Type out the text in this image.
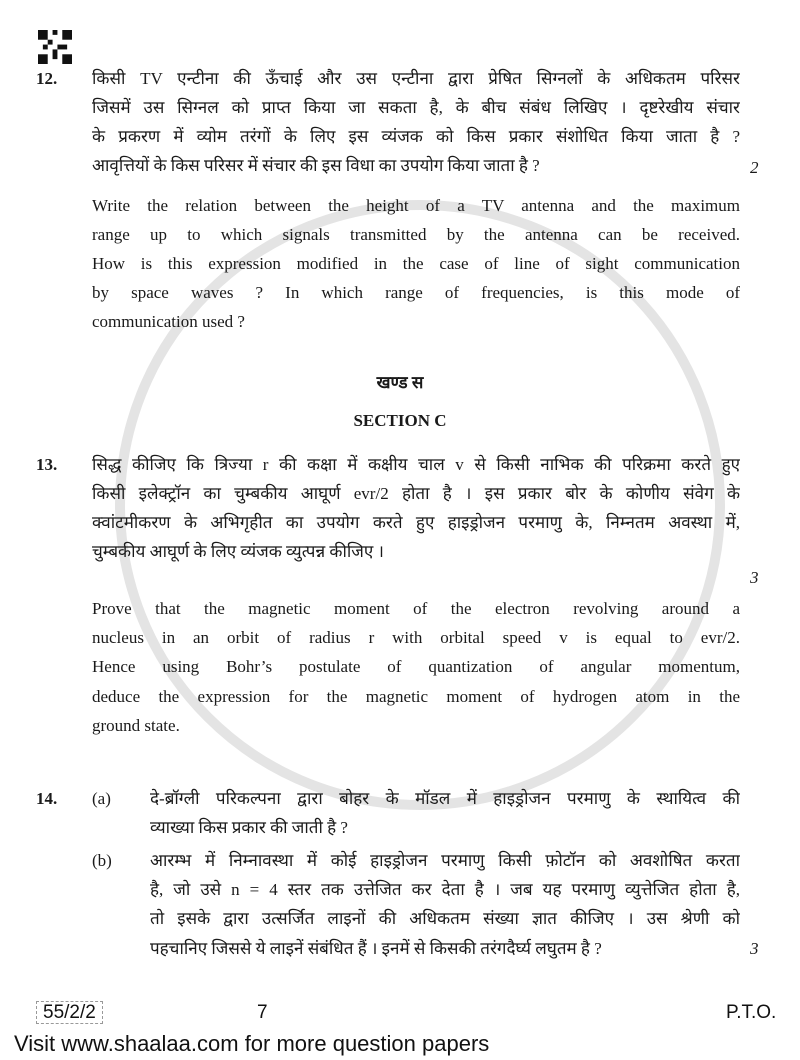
12. किसी TV एन्टीना की ऊँचाई और उस एन्टीना द्वारा प्रेषित सिग्नलों के अधिकतम परिसर
जिसमें उस सिग्नल को प्राप्त किया जा सकता है, के बीच संबंध लिखिए । दृष्टरेखीय संचार
के प्रकरण में व्योम तरंगों के लिए इस व्यंजक को किस प्रकार संशोधित किया जाता है ?
आवृत्तियों के किस परिसर में संचार की इस विधा का उपयोग किया जाता है ?	2
Write the relation between the height of a TV antenna and the maximum
range up to which signals transmitted by the antenna can be received.
How is this expression modified in the case of line of sight communication
by space waves ? In which range of frequencies, is this mode of
communication used ?
खण्ड स
SECTION C
13. सिद्ध कीजिए कि त्रिज्या r की कक्षा में कक्षीय चाल v से किसी नाभिक की परिक्रमा करते हुए
किसी इलेक्ट्रॉन का चुम्बकीय आघूर्ण evr/2 होता है । इस प्रकार बोर के कोणीय संवेग के
क्वांटमीकरण के अभिगृहीत का उपयोग करते हुए हाइड्रोजन परमाणु के, निम्नतम अवस्था में,
चुम्बकीय आघूर्ण के लिए व्यंजक व्युत्पन्न कीजिए ।
3
Prove that the magnetic moment of the electron revolving around a
nucleus in an orbit of radius r with orbital speed v is equal to evr/2.
Hence using Bohr’s postulate of quantization of angular momentum,
deduce the expression for the magnetic moment of hydrogen atom in the
ground state.
14. (a) दे-ब्रॉग्ली परिकल्पना द्वारा बोहर के मॉडल में हाइड्रोजन परमाणु के स्थायित्व की
व्याख्या किस प्रकार की जाती है ?
(b) आरम्भ में निम्नावस्था में कोई हाइड्रोजन परमाणु किसी फ़ोटॉन को अवशोषित करता
है, जो उसे n = 4 स्तर तक उत्तेजित कर देता है । जब यह परमाणु व्युत्तेजित होता है,
तो इसके द्वारा उत्सर्जित लाइनों की अधिकतम संख्या ज्ञात कीजिए । उस श्रेणी को
पहचानिए जिससे ये लाइनें संबंधित हैं । इनमें से किसकी तरंगदैर्घ्य लघुतम है ?	3
55/2/2	7	P.T.O.
Visit www.shaalaa.com for more question papers
